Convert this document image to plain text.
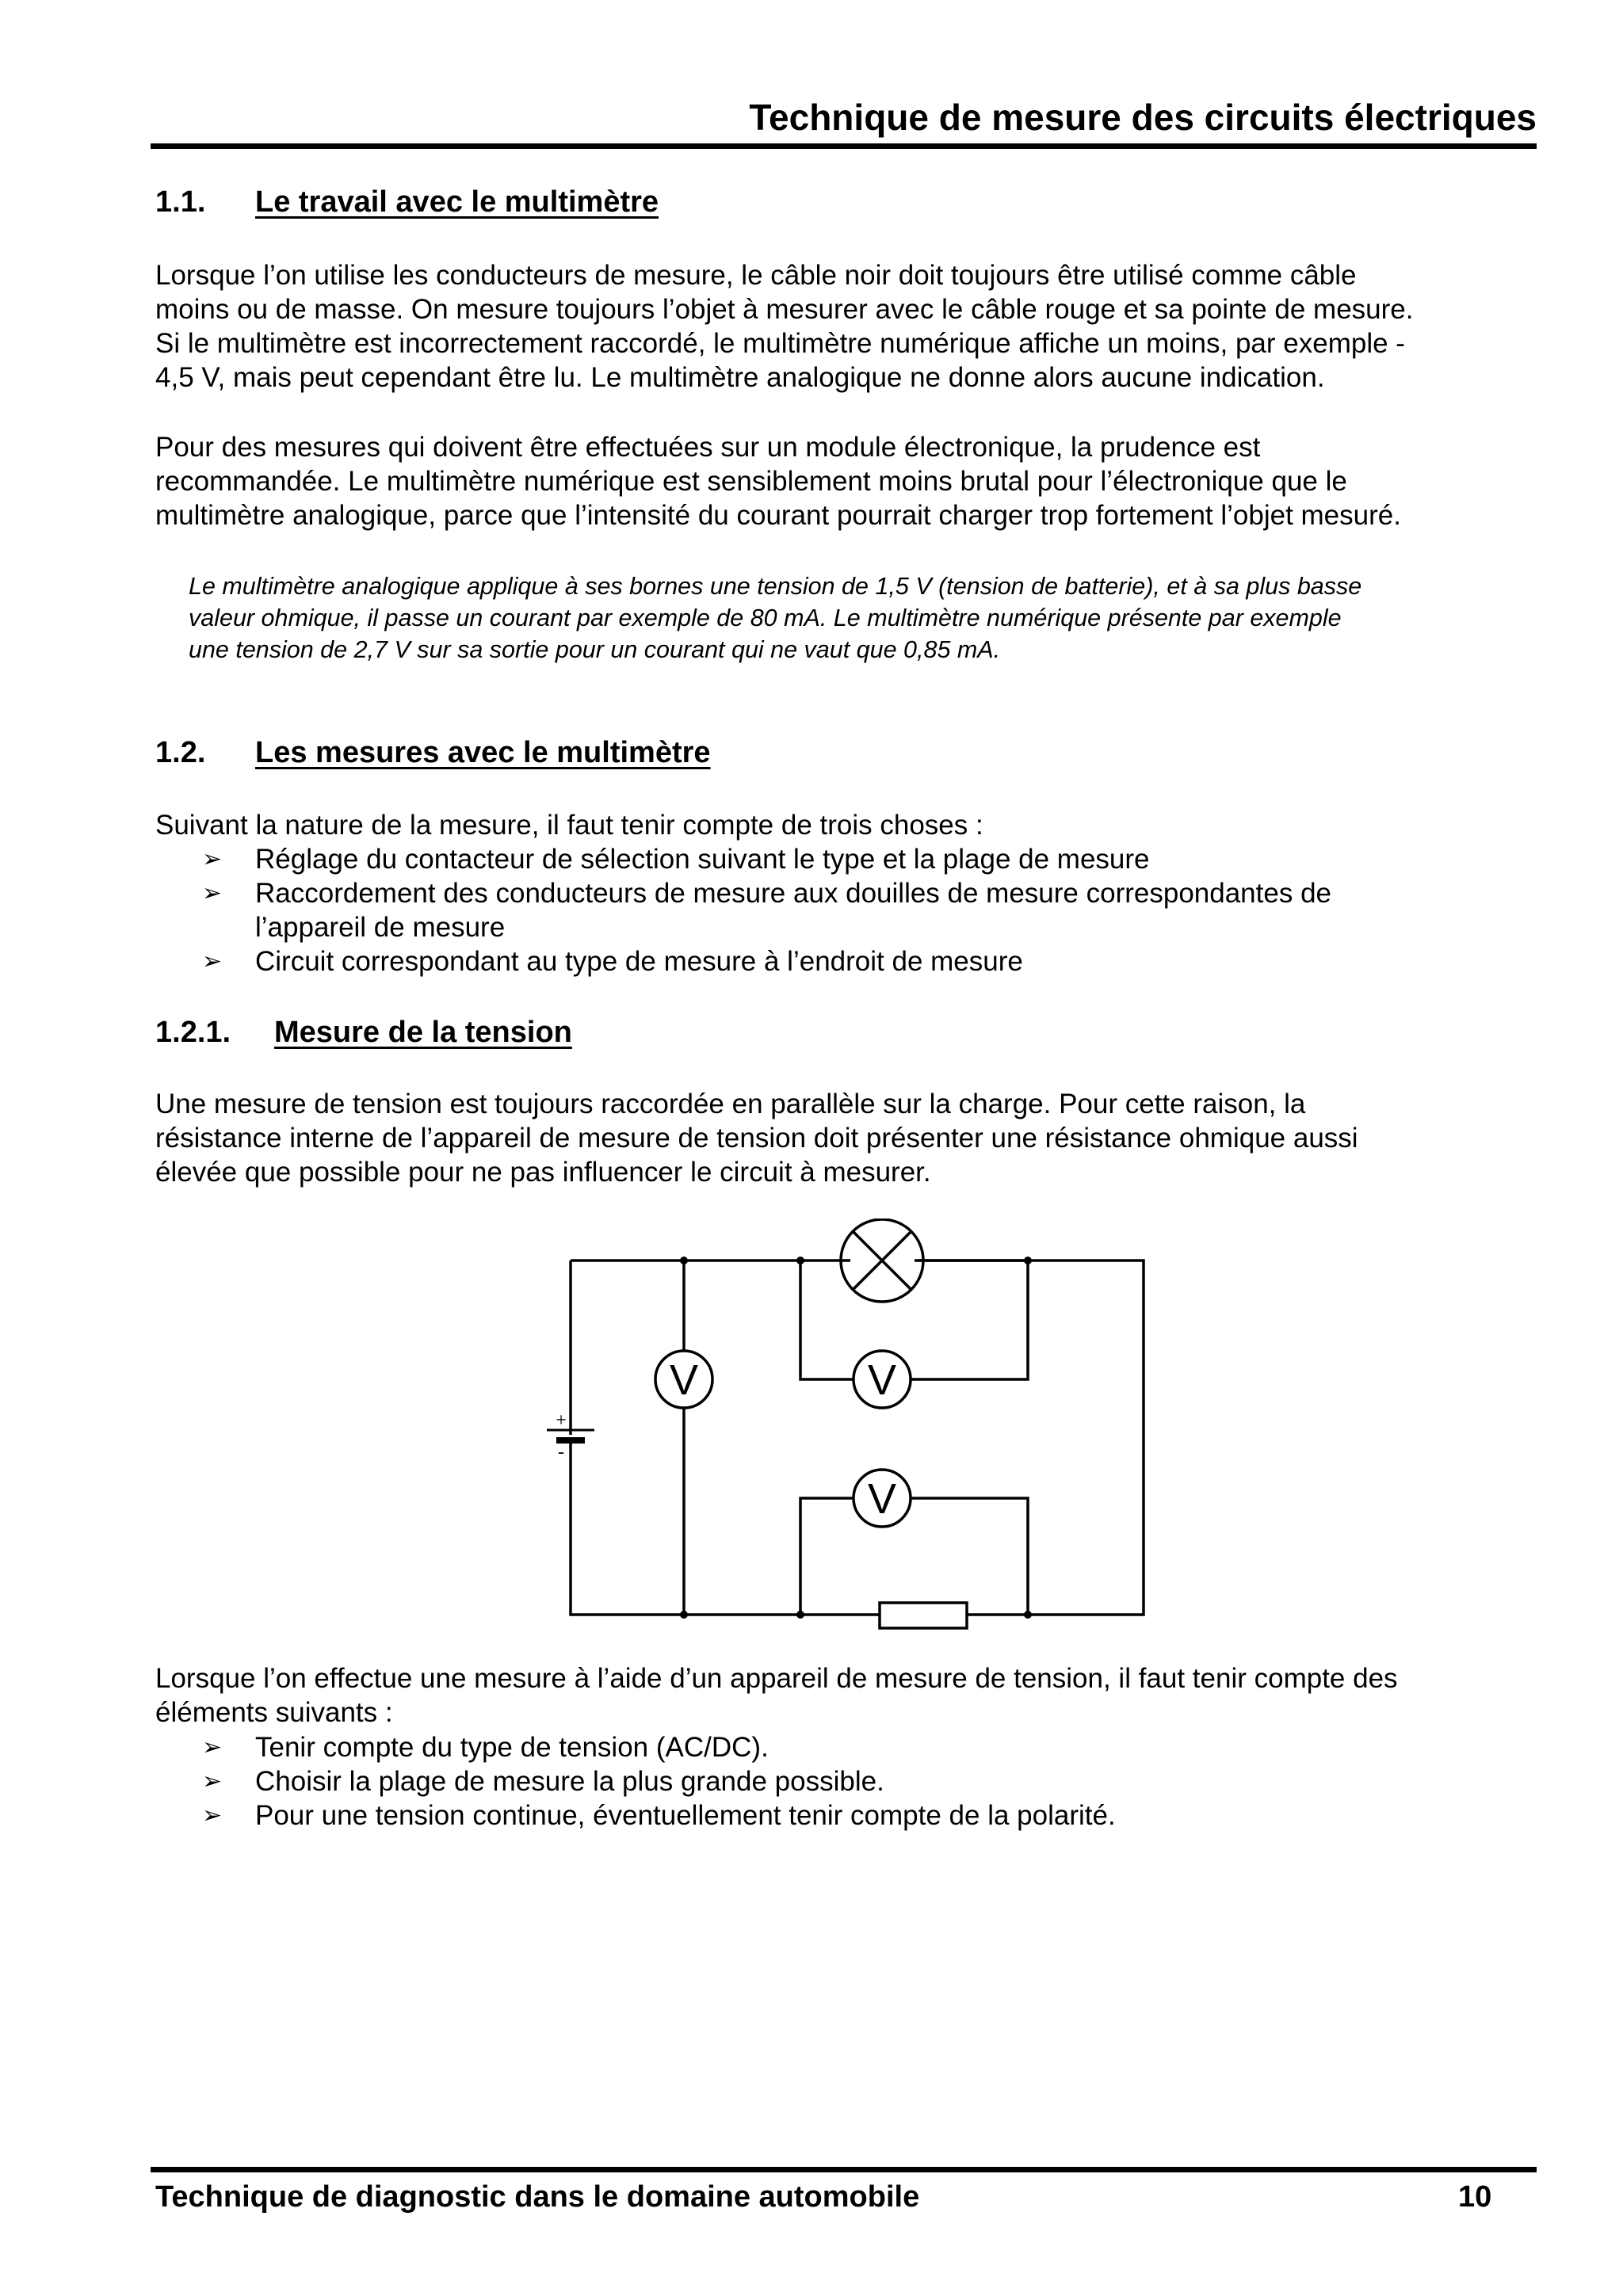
Technique de mesure des circuits électriques
1.1. Le travail avec le multimètre
Lorsque l’on utilise les conducteurs de mesure, le câble noir doit toujours être utilisé comme câble
moins ou de masse. On mesure toujours l’objet à mesurer avec le câble rouge et sa pointe de mesure.
Si le multimètre est incorrectement raccordé, le multimètre numérique affiche un moins, par exemple -
4,5 V, mais peut cependant être lu. Le multimètre analogique ne donne alors aucune indication.
Pour des mesures qui doivent être effectuées sur un module électronique, la prudence est
recommandée. Le multimètre numérique est sensiblement moins brutal pour l’électronique que le
multimètre analogique, parce que l’intensité du courant pourrait charger trop fortement l’objet mesuré.
Le multimètre analogique applique à ses bornes une tension de 1,5 V (tension de batterie), et à sa plus basse
valeur ohmique, il passe un courant par exemple de 80 mA. Le multimètre numérique présente par exemple
une tension de 2,7 V sur sa sortie pour un courant qui ne vaut que 0,85 mA.
1.2. Les mesures avec le multimètre
Suivant la nature de la mesure, il faut tenir compte de trois choses :
➢ Réglage du contacteur de sélection suivant le type et la plage de mesure
➢ Raccordement des conducteurs de mesure aux douilles de mesure correspondantes de
l’appareil de mesure
➢ Circuit correspondant au type de mesure à l’endroit de mesure
1.2.1. Mesure de la tension
Une mesure de tension est toujours raccordée en parallèle sur la charge. Pour cette raison, la
résistance interne de l’appareil de mesure de tension doit présenter une résistance ohmique aussi
élevée que possible pour ne pas influencer le circuit à mesurer.
V	V
V
+
-
Lorsque l’on effectue une mesure à l’aide d’un appareil de mesure de tension, il faut tenir compte des
éléments suivants :
➢ Tenir compte du type de tension (AC/DC).
➢ Choisir la plage de mesure la plus grande possible.
➢ Pour une tension continue, éventuellement tenir compte de la polarité.
Technique de diagnostic dans le domaine automobile	10
